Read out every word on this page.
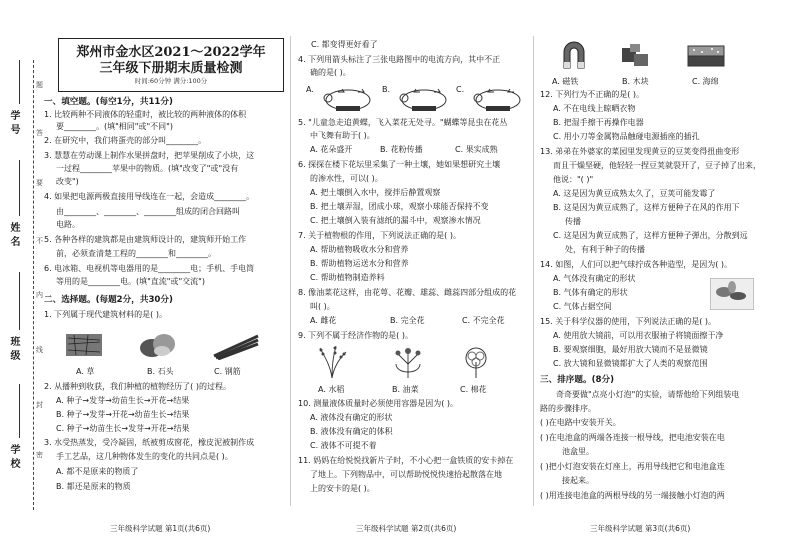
题
答
要
不
内
线
封
密
学号
姓名
班级
学校
郑州市金水区2021～2022学年
三年级下册期末质量检测
时间:60分钟 满分:100分
一、填空题。(每空1分，共11分)
1. 比较两种不同液体的轻重时，被比较的两种液体的体积
要________。(填"相同"或"不同")
2. 在研究中，我们将蛋壳的部分叫________。
3. 慧慧在劳动课上制作水果拼盘时，把苹果削成了小块，这
一过程________苹果中的物质。(填"改变了"或"没有
改变")
4. 如果把电源两极直接用导线连在一起，会造成________。
由________、________、________组成的闭合回路叫
电路。
5. 各种各样的建筑都是由建筑师设计的，建筑师开始工作
前，必须查清楚工程的________和________。
6. 电冰箱、电视机等电器用的是________电；手机、手电筒
等用的是________电。(填"直流"或"交流")
二、选择题。(每题2分，共30分)
1. 下列属于现代建筑材料的是( )。
A. 草	B. 石头	C. 钢筋
2. 从播种到收获，我们种植的植物经历了( )的过程。
A. 种子→发芽→幼苗生长→开花→结果
B. 种子→发芽→开花→幼苗生长→结果
C. 种子→幼苗生长→发芽→开花→结果
3. 水受热蒸发，受冷凝固，纸被剪成窗花，橡皮泥被制作成
手工艺品，这几种物体发生的变化的共同点是( )。
A. 都不是原来的物质了
B. 都还是原来的物质
三年级科学试题 第1页(共6页)
C. 都变得更好看了
4. 下列用箭头标注了三张电路图中的电流方向，其中不正
确的是( )。
A.	B.	C.
5. "儿童急走追黄蝶，飞入菜花无处寻。"蝴蝶等昆虫在花丛
中飞舞有助于( )。
A. 花朵盛开	B. 花粉传播	C. 果实成熟
6. 探探在楼下花坛里采集了一种土壤，她如果想研究土壤
的渗水性，可以( )。
A. 把土壤倒入水中，搅拌后静置观察
B. 把土壤弄湿，团成小球，观察小球能否保持不变
C. 把土壤倒入装有滤纸的漏斗中，观察渗水情况
7. 关于植物根的作用，下列说法正确的是( )。
A. 帮助植物吸收水分和营养
B. 帮助植物运送水分和营养
C. 帮助植物制造养料
8. 像油菜花这样，由花萼、花瓣、雄蕊、雌蕊四部分组成的花
叫( )。
A. 雌花	B. 完全花	C. 不完全花
9. 下列不属于经济作物的是( )。
A. 水稻	B. 油菜	C. 棉花
10. 测量液体质量时必须使用容器是因为( )。
A. 液体没有确定的形状
B. 液体没有确定的体积
C. 液体不可提不着
11. 妈妈在给悦悦找新片子时，不小心把一盒铁质的安卡掉在
了地上。下列物品中，可以帮助悦悦快速拾起散落在地
上的安卡的是( )。
三年级科学试题 第2页(共6页)
A. 磁铁	B. 木块	C. 海绵
12. 下列行为不正确的是( )。
A. 不在电线上晾晒衣物
B. 把湿手擦干再操作电器
C. 用小刀等金属物品触碰电源插座的插孔
13. 弟弟在外婆家的菜园里发现黄豆的豆荚变得扭曲变形
而且干燥坚硬，他轻轻一捏豆荚就裂开了，豆子掉了出来，
他说："( )"
A. 这是因为黄豆成熟太久了，豆荚可能发霉了
B. 这是因为黄豆成熟了，这样方便种子在风的作用下
传播
C. 这是因为黄豆成熟了，这样方便种子弹出，分散到远
处，有利于种子的传播
14. 如图，人们可以把气球拧成各种造型，是因为( )。
A. 气体没有确定的形状
B. 气体有确定的形状
C. 气体占据空间
15. 关于科学仪器的使用，下列说法正确的是( )。
A. 使用放大镜前，可以用衣服袖子将镜面擦干净
B. 要观察细胞，最好用放大镜而不是显微镜
C. 放大镜和显微镜都扩大了人类的观察范围
三、排序题。(8分)
奇奇要做"点亮小灯泡"的实验，请帮他给下列组装电
路的步骤排序。
( )在电路中安装开关。
( )在电池盒的两端各连接一根导线，把电池安装在电
池盒里。
( )把小灯泡安装在灯座上，再用导线把它和电池盒连
接起来。
( )用连接电池盒的两根导线的另一端接触小灯泡的两
三年级科学试题 第3页(共6页)
